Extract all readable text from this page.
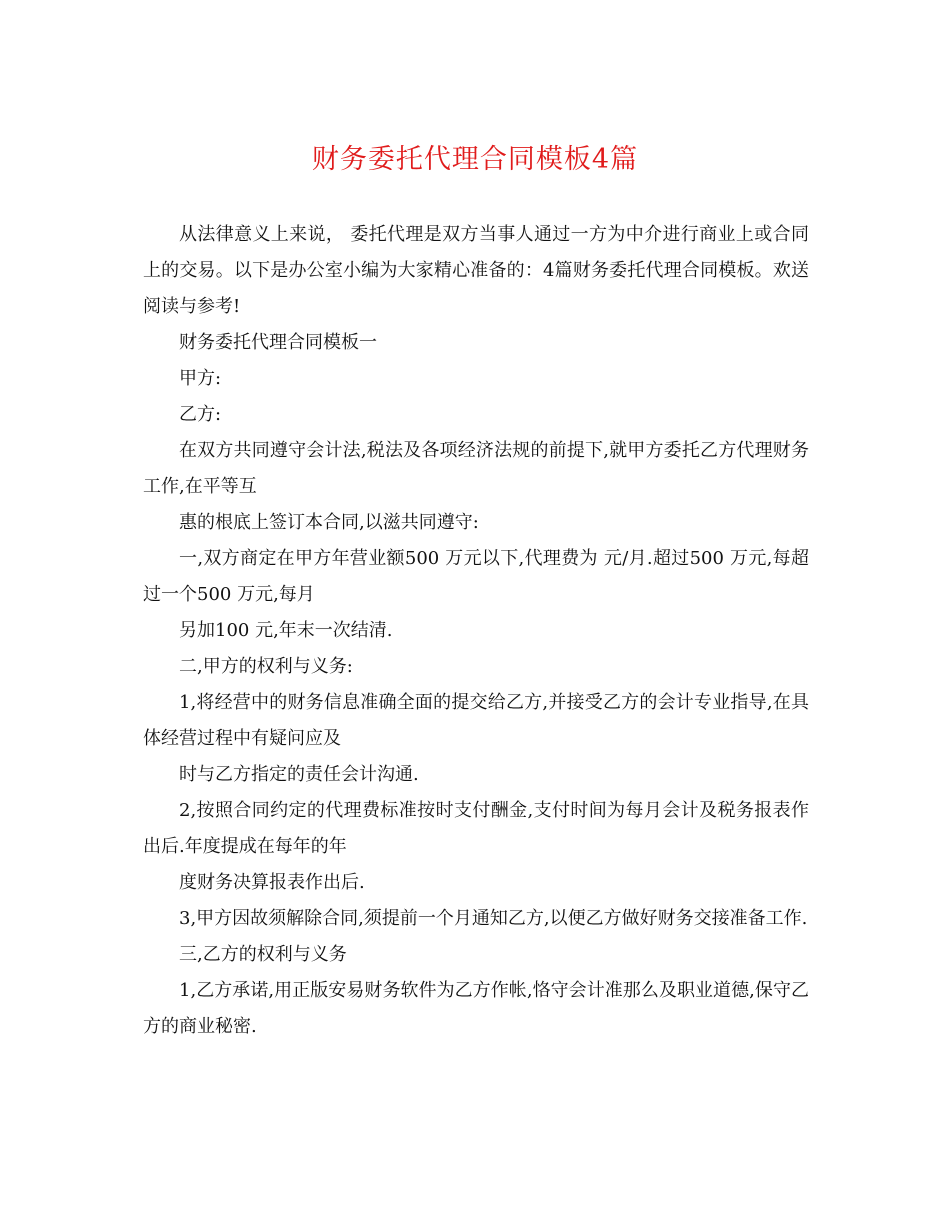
财务委托代理合同模板4篇

从法律意义上来说， 委托代理是双方当事人通过一方为中介进行商业上或合同上的交易。以下是办公室小编为大家精心准备的：4篇财务委托代理合同模板。欢送阅读与参考!

财务委托代理合同模板一

甲方:

乙方:

在双方共同遵守会计法,税法及各项经济法规的前提下,就甲方委托乙方代理财务工作,在平等互

惠的根底上签订本合同,以滋共同遵守:

一,双方商定在甲方年营业额500 万元以下,代理费为 元/月.超过500 万元,每超过一个500 万元,每月

另加100 元,年末一次结清.

二,甲方的权利与义务:

1,将经营中的财务信息准确全面的提交给乙方,并接受乙方的会计专业指导,在具体经营过程中有疑问应及

时与乙方指定的责任会计沟通.

2,按照合同约定的代理费标准按时支付酬金,支付时间为每月会计及税务报表作出后.年度提成在每年的年

度财务决算报表作出后.

3,甲方因故须解除合同,须提前一个月通知乙方,以便乙方做好财务交接准备工作.

三,乙方的权利与义务

1,乙方承诺,用正版安易财务软件为乙方作帐,恪守会计准那么及职业道德,保守乙方的商业秘密.
